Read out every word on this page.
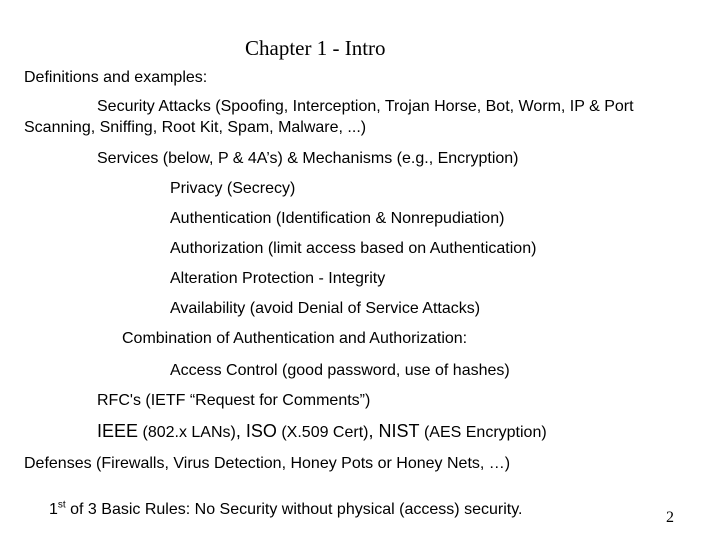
Chapter 1 - Intro
Definitions and examples:
Security Attacks (Spoofing, Interception, Trojan Horse, Bot, Worm, IP & Port
Scanning, Sniffing, Root Kit, Spam, Malware, ...)
Services (below, P & 4A’s) & Mechanisms (e.g., Encryption)
Privacy (Secrecy)
Authentication (Identification & Nonrepudiation)
Authorization (limit access based on Authentication)
Alteration Protection - Integrity
Availability (avoid Denial of Service Attacks)
Combination of Authentication and Authorization:
Access Control (good password, use of hashes)
RFC's (IETF “Request for Comments”)
IEEE (802.x LANs), ISO (X.509 Cert), NIST (AES Encryption)
Defenses (Firewalls, Virus Detection, Honey Pots or Honey Nets, …)
1st of 3 Basic Rules: No Security without physical (access) security.	2
